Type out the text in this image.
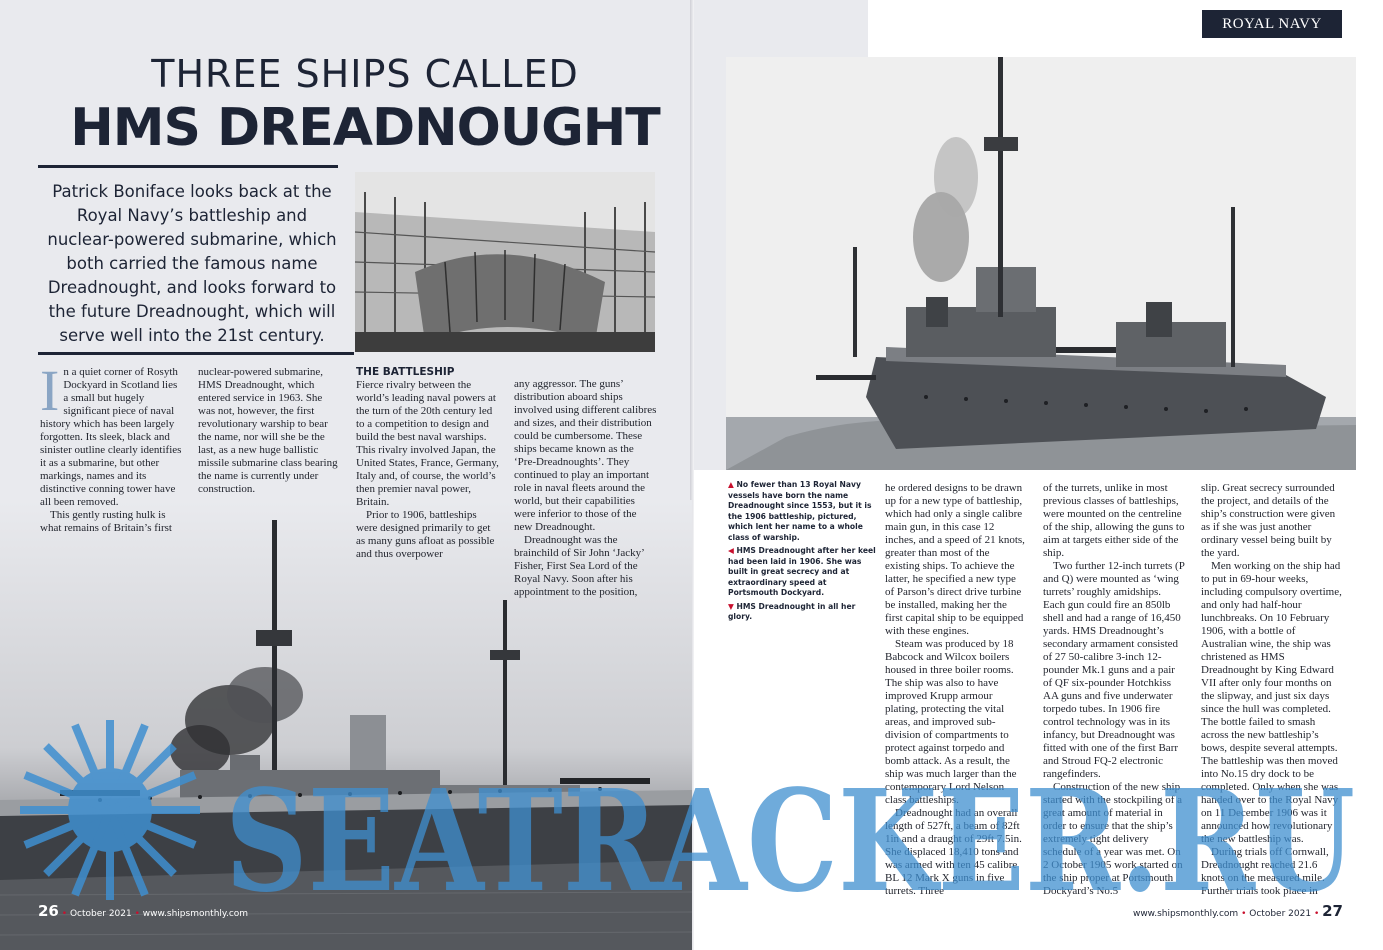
ROYAL NAVY
THREE SHIPS CALLED
HMS DREADNOUGHT
Patrick Boniface looks back at the Royal Navy’s battleship and nuclear-powered submarine, which both carried the famous name Dreadnought, and looks forward to the future Dreadnought, which will serve well into the 21st century.
I n a quiet corner of Rosyth Dockyard in Scotland lies a small but hugely significant piece of naval history which has been largely forgotten. Its sleek, black and sinister outline clearly identifies it as a submarine, but other markings, names and its distinctive conning tower have all been removed.

This gently rusting hulk is what remains of Britain’s first

nuclear-powered submarine, HMS Dreadnought, which entered service in 1963. She was not, however, the first revolutionary warship to bear the name, nor will she be the last, as a new huge ballistic missile submarine class bearing the name is currently under construction.

THE BATTLESHIP

Fierce rivalry between the world’s leading naval powers at the turn of the 20th century led to a competition to design and build the best naval warships. This rivalry involved Japan, the United States, France, Germany, Italy and, of course, the world’s then premier naval power, Britain.

Prior to 1906, battleships were designed primarily to get as many guns afloat as possible and thus overpower

any aggressor. The guns’ distribution aboard ships involved using different calibres and sizes, and their distribution could be cumbersome. These ships became known as the ‘Pre-Dreadnoughts’. They continued to play an important role in naval fleets around the world, but their capabilities were inferior to those of the new Dreadnought.

Dreadnought was the brainchild of Sir John ‘Jacky’ Fisher, First Sea Lord of the Royal Navy. Soon after his appointment to the position,

▲ No fewer than 13 Royal Navy vessels have born the name Dreadnought since 1553, but it is the 1906 battleship, pictured, which lent her name to a whole class of warship.

◀ HMS Dreadnought after her keel had been laid in 1906. She was built in great secrecy and at extraordinary speed at Portsmouth Dockyard.

▼ HMS Dreadnought in all her glory.

he ordered designs to be drawn up for a new type of battleship, which had only a single calibre main gun, in this case 12 inches, and a speed of 21 knots, greater than most of the existing ships. To achieve the latter, he specified a new type of Parson’s direct drive turbine be installed, making her the first capital ship to be equipped with these engines.

Steam was produced by 18 Babcock and Wilcox boilers housed in three boiler rooms. The ship was also to have improved Krupp armour plating, protecting the vital areas, and improved sub-division of compartments to protect against torpedo and bomb attack. As a result, the ship was much larger than the contemporary Lord Nelson class battleships.

Dreadnought had an overall length of 527ft, a beam of 82ft 1in and a draught of 29ft 7.5in. She displaced 18,410 tons and was armed with ten 45 calibre BL 12 Mark X guns in five turrets. Three

of the turrets, unlike in most previous classes of battleships, were mounted on the centreline of the ship, allowing the guns to aim at targets either side of the ship.

Two further 12-inch turrets (P and Q) were mounted as ‘wing turrets’ roughly amidships. Each gun could fire an 850lb shell and had a range of 16,450 yards. HMS Dreadnought’s secondary armament consisted of 27 50-calibre 3-inch 12-pounder Mk.1 guns and a pair of QF six-pounder Hotchkiss AA guns and five underwater torpedo tubes. In 1906 fire control technology was in its infancy, but Dreadnought was fitted with one of the first Barr and Stroud FQ-2 electronic rangefinders.

Construction of the new ship started with the stockpiling of a great amount of material in order to ensure that the ship’s extremely tight delivery schedule of a year was met. On 2 October 1905 work started on the ship proper at Portsmouth Dockyard’s No.5

slip. Great secrecy surrounded the project, and details of the ship’s construction were given as if she was just another ordinary vessel being built by the yard.

Men working on the ship had to put in 69-hour weeks, including compulsory overtime, and only had half-hour lunchbreaks. On 10 February 1906, with a bottle of Australian wine, the ship was christened as HMS Dreadnought by King Edward VII after only four months on the slipway, and just six days since the hull was completed. The bottle failed to smash across the new battleship’s bows, despite several attempts. The battleship was then moved into No.15 dry dock to be completed. Only when she was handed over to the Royal Navy on 11 December 1906 was it announced how revolutionary the new battleship was.

During trials off Cornwall, Dreadnought reached 21.6 knots on the measured mile. Further trials took place in

SEATRACKER.RU
26 • October 2021 • www.shipsmonthly.com	www.shipsmonthly.com • October 2021 • 27
